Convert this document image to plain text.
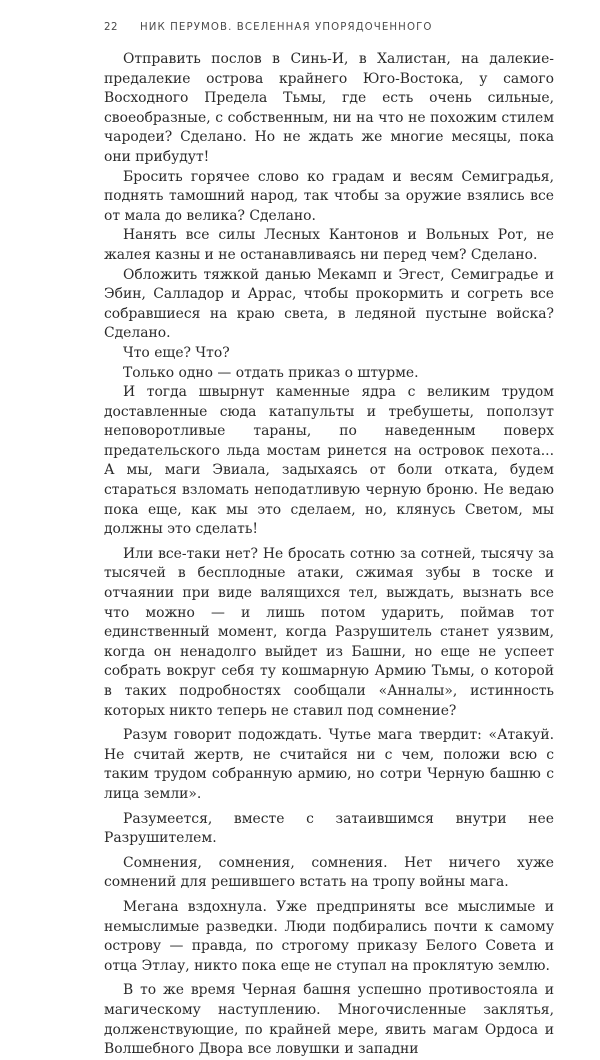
22 НИК ПЕРУМОВ. ВСЕЛЕННАЯ УПОРЯДОЧЕННОГО

Отправить послов в Синь-И, в Халистан, на далекие-предалекие острова крайнего Юго-Востока, у самого Восходного Предела Тьмы, где есть очень сильные, своеобразные, с собственным, ни на что не похожим стилем чародеи? Сделано. Но не ждать же многие месяцы, пока они прибудут!

Бросить горячее слово ко градам и весям Семиградья, поднять тамошний народ, так чтобы за оружие взялись все от мала до велика? Сделано.

Нанять все силы Лесных Кантонов и Вольных Рот, не жалея казны и не останавливаясь ни перед чем? Сделано.

Обложить тяжкой данью Мекамп и Эгест, Семиградье и Эбин, Салладор и Аррас, чтобы прокормить и согреть все собравшиеся на краю света, в ледяной пустыне войска? Сделано.

Что еще? Что?

Только одно — отдать приказ о штурме.

И тогда швырнут каменные ядра с великим трудом доставленные сюда катапульты и требушеты, поползут неповоротливые тараны, по наведенным поверх предательского льда мостам ринется на островок пехота... А мы, маги Эвиала, задыхаясь от боли отката, будем стараться взломать неподатливую черную броню. Не ведаю пока еще, как мы это сделаем, но, клянусь Светом, мы должны это сделать!

Или все-таки нет? Не бросать сотню за сотней, тысячу за тысячей в бесплодные атаки, сжимая зубы в тоске и отчаянии при виде валящихся тел, выждать, вызнать все что можно — и лишь потом ударить, поймав тот единственный момент, когда Разрушитель станет уязвим, когда он ненадолго выйдет из Башни, но еще не успеет собрать вокруг себя ту кошмарную Армию Тьмы, о которой в таких подробностях сообщали «Анналы», истинность которых никто теперь не ставил под сомнение?

Разум говорит подождать. Чутье мага твердит: «Атакуй. Не считай жертв, не считайся ни с чем, положи всю с таким трудом собранную армию, но сотри Черную башню с лица земли».

Разумеется, вместе с затаившимся внутри нее Разрушителем.

Сомнения, сомнения, сомнения. Нет ничего хуже сомнений для решившего встать на тропу войны мага.

Мегана вздохнула. Уже предприняты все мыслимые и немыслимые разведки. Люди подбирались почти к самому острову — правда, по строгому приказу Белого Совета и отца Этлау, никто пока еще не ступал на проклятую землю.

В то же время Черная башня успешно противостояла и магическому наступлению. Многочисленные заклятья, долженствующие, по крайней мере, явить магам Ордоса и Волшебного Двора все ловушки и западни
